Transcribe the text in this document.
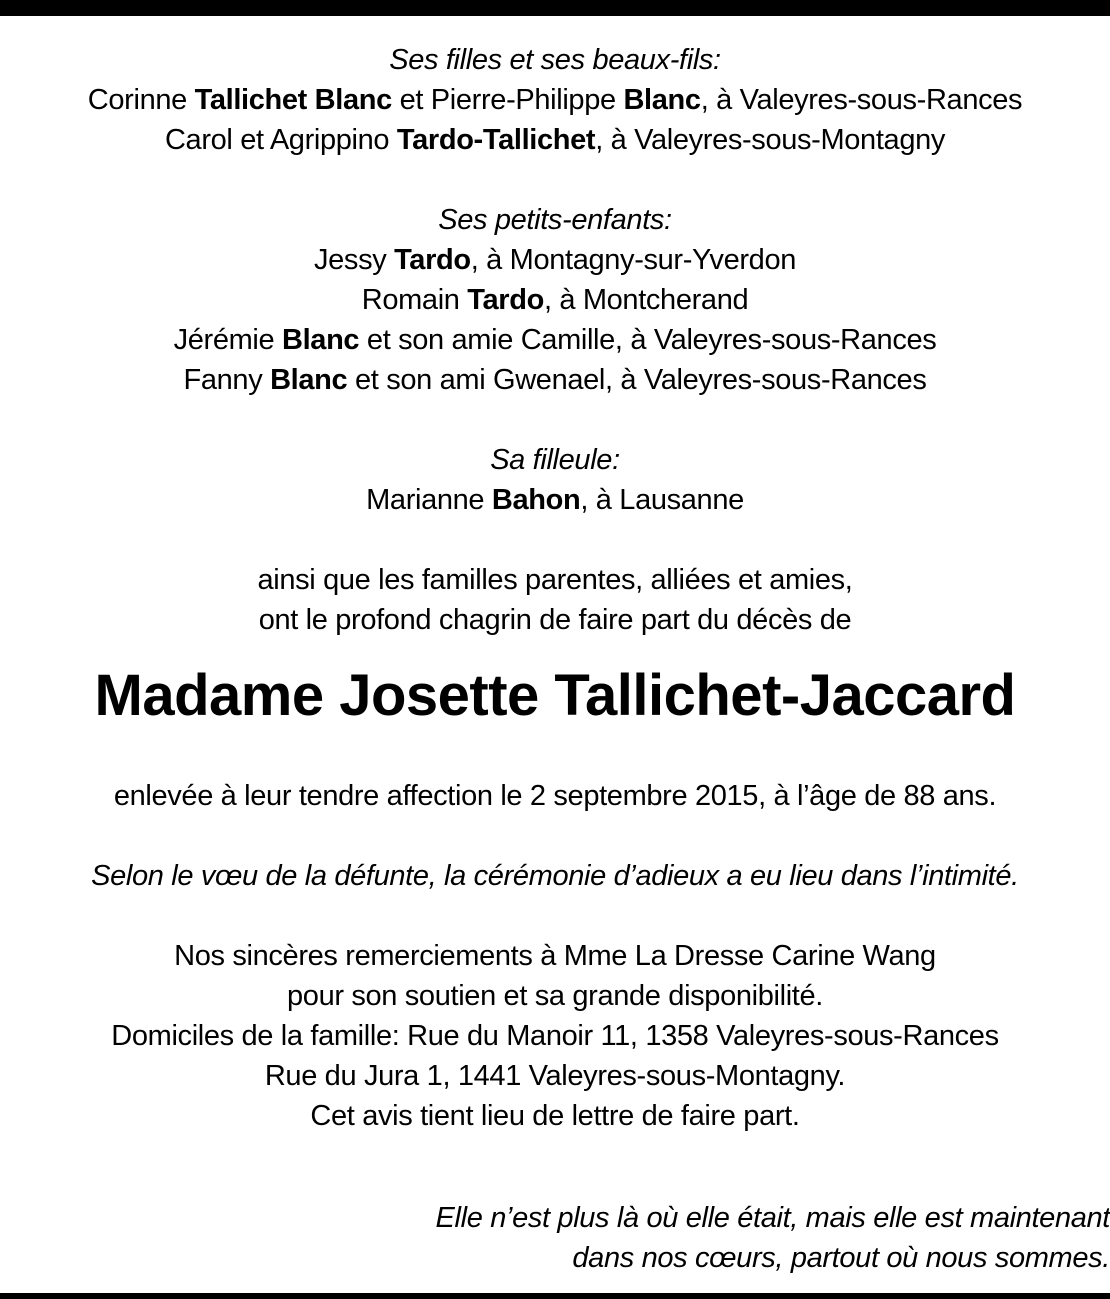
Ses filles et ses beaux-fils:
Corinne Tallichet Blanc et Pierre-Philippe Blanc, à Valeyres-sous-Rances
Carol et Agrippino Tardo-Tallichet, à Valeyres-sous-Montagny
Ses petits-enfants:
Jessy Tardo, à Montagny-sur-Yverdon
Romain Tardo, à Montcherand
Jérémie Blanc et son amie Camille, à Valeyres-sous-Rances
Fanny Blanc et son ami Gwenael, à Valeyres-sous-Rances
Sa filleule:
Marianne Bahon, à Lausanne
ainsi que les familles parentes, alliées et amies,
ont le profond chagrin de faire part du décès de
Madame Josette Tallichet-Jaccard
enlevée à leur tendre affection le 2 septembre 2015, à l’âge de 88 ans.
Selon le vœu de la défunte, la cérémonie d’adieux a eu lieu dans l’intimité.
Nos sincères remerciements à Mme La Dresse Carine Wang
pour son soutien et sa grande disponibilité.
Domiciles de la famille: Rue du Manoir 11, 1358 Valeyres-sous-Rances
Rue du Jura 1, 1441 Valeyres-sous-Montagny.
Cet avis tient lieu de lettre de faire part.
Elle n’est plus là où elle était, mais elle est maintenant
dans nos cœurs, partout où nous sommes.
